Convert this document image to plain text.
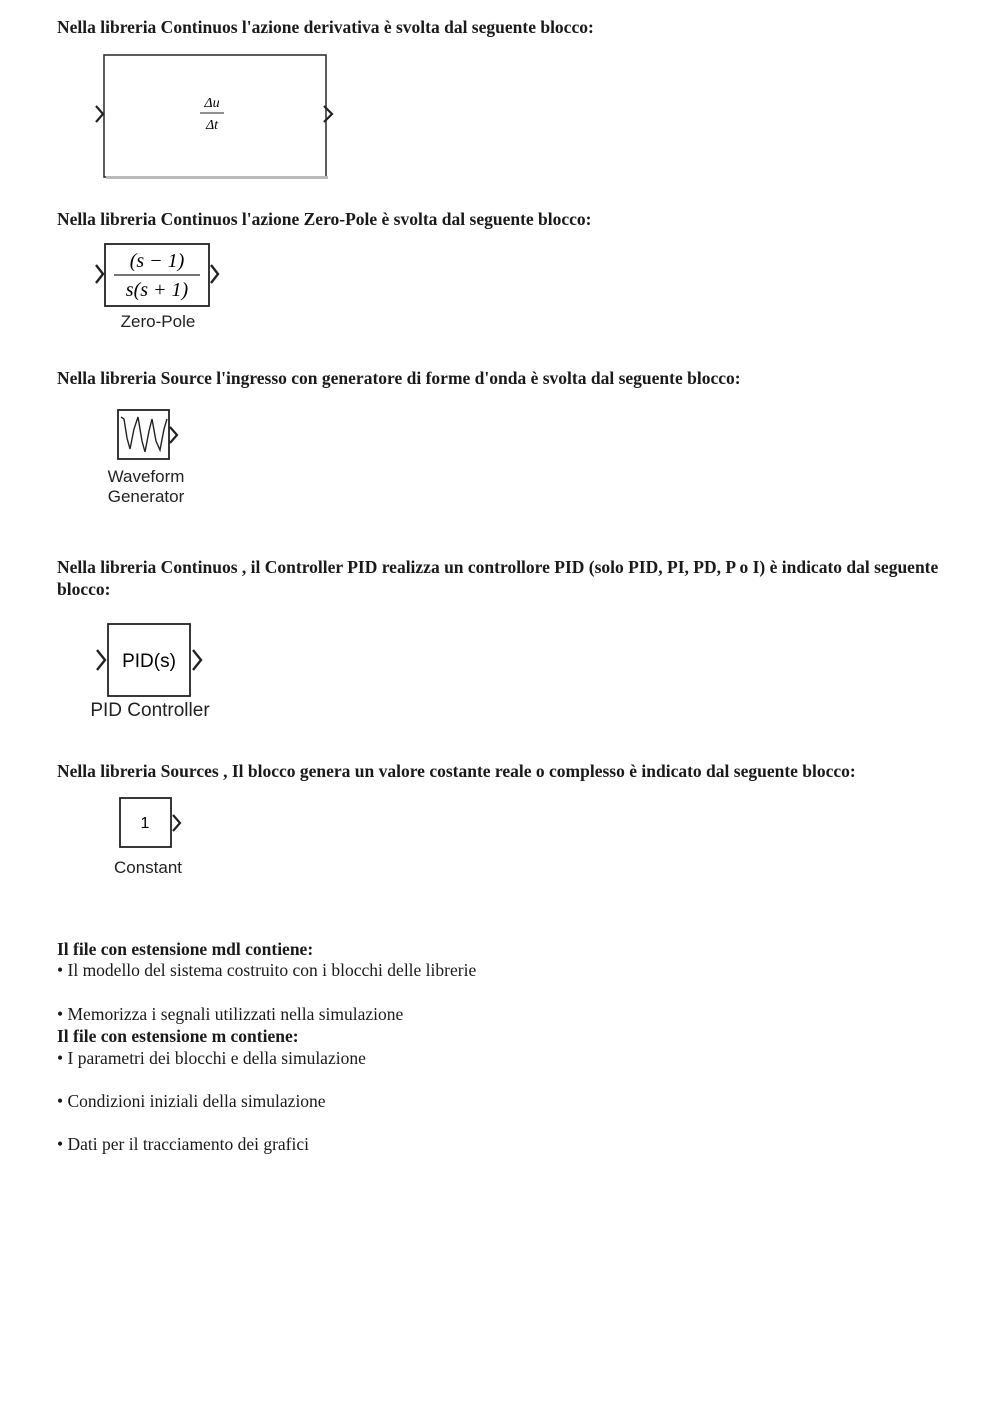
Nella libreria Continuos l'azione derivativa è svolta dal seguente blocco:

Δu
Δt

Nella libreria Continuos l'azione Zero-Pole è svolta dal seguente blocco:

(s − 1)
s(s + 1)
Zero-Pole

Nella libreria Source l'ingresso con generatore di forme d'onda è svolta dal seguente blocco:

Waveform
Generator

Nella libreria Continuos , il Controller PID realizza un controllore PID (solo PID, PI, PD, P o I) è indicato dal seguente blocco:

PID(s)
PID Controller
Nella libreria Sources , Il blocco genera un valore costante reale o complesso è indicato dal seguente blocco:
1
Constant
Il file con estensione mdl contiene:
• Il modello del sistema costruito con i blocchi delle librerie
• Memorizza i segnali utilizzati nella simulazione
Il file con estensione m contiene:
• I parametri dei blocchi e della simulazione
• Condizioni iniziali della simulazione
• Dati per il tracciamento dei grafici
